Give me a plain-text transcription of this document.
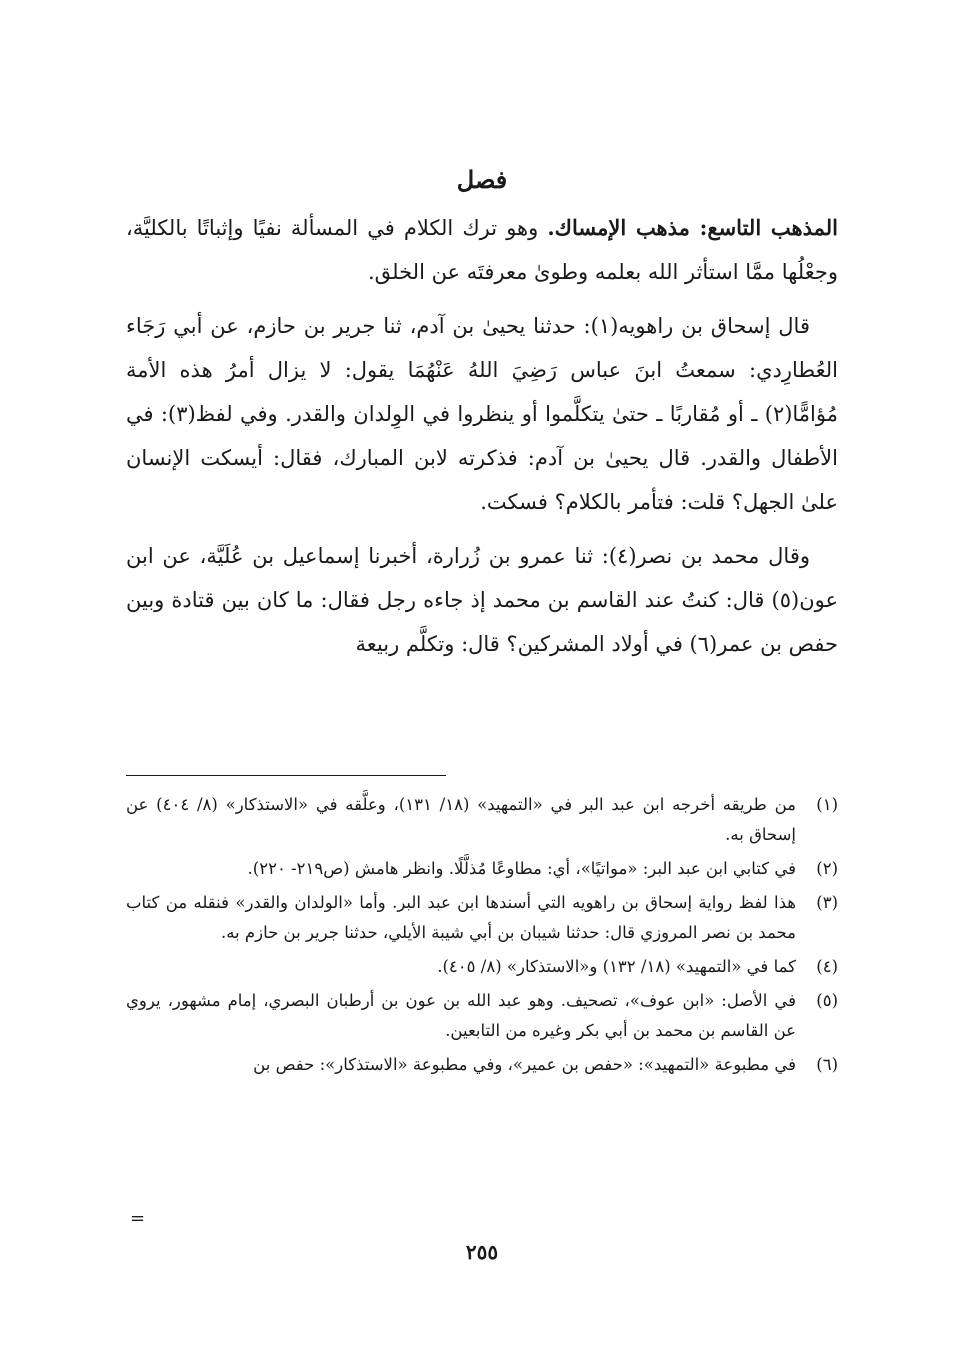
فصل

المذهب التاسع: مذهب الإمساك. وهو ترك الكلام في المسألة نفيًا وإثباتًا بالكليَّة، وجعْلُها ممَّا استأثر الله بعلمه وطوىٰ معرفتَه عن الخلق.

قال إسحاق بن راهويه(١): حدثنا يحيىٰ بن آدم، ثنا جرير بن حازم، عن أبي رَجَاء العُطارِدي: سمعتُ ابنَ عباس رَضِيَ اللهُ عَنْهُمَا يقول: لا يزال أمرُ هذه الأمة مُؤامًّا(٢) ـ أو مُقاربًا ـ حتىٰ يتكلَّموا أو ينظروا في الوِلدان والقدر. وفي لفظ(٣): في الأطفال والقدر. قال يحيىٰ بن آدم: فذكرته لابن المبارك، فقال: أيسكت الإنسان علىٰ الجهل؟ قلت: فتأمر بالكلام؟ فسكت.

وقال محمد بن نصر(٤): ثنا عمرو بن زُرارة، أخبرنا إسماعيل بن عُلَيَّة، عن ابن عون(٥) قال: كنتُ عند القاسم بن محمد إذ جاءه رجل فقال: ما كان بين قتادة وبين حفص بن عمر(٦) في أولاد المشركين؟ قال: وتكلَّم ربيعة

(١)
من طريقه أخرجه ابن عبد البر في «التمهيد» (١٨/ ١٣١)، وعلَّقه في «الاستذكار» (٨/ ٤٠٤) عن إسحاق به.
(٢)
في كتابي ابن عبد البر: «مواتيًا»، أي: مطاوعًا مُذلَّلًا. وانظر هامش (ص٢١٩- ٢٢٠).
(٣)
هذا لفظ رواية إسحاق بن راهويه التي أسندها ابن عبد البر. وأما «الولدان والقدر» فنقله من كتاب محمد بن نصر المروزي قال: حدثنا شيبان بن أبي شيبة الأيلي، حدثنا جرير بن حازم به.
(٤)
كما في «التمهيد» (١٨/ ١٣٢) و«الاستذكار» (٨/ ٤٠٥).
(٥)
في الأصل: «ابن عوف»، تصحيف. وهو عبد الله بن عون بن أرطبان البصري، إمام مشهور، يروي عن القاسم بن محمد بن أبي بكر وغيره من التابعين.
(٦)
في مطبوعة «التمهيد»: «حفص بن عمير»، وفي مطبوعة «الاستذكار»: حفص بن
=
٢٥٥
